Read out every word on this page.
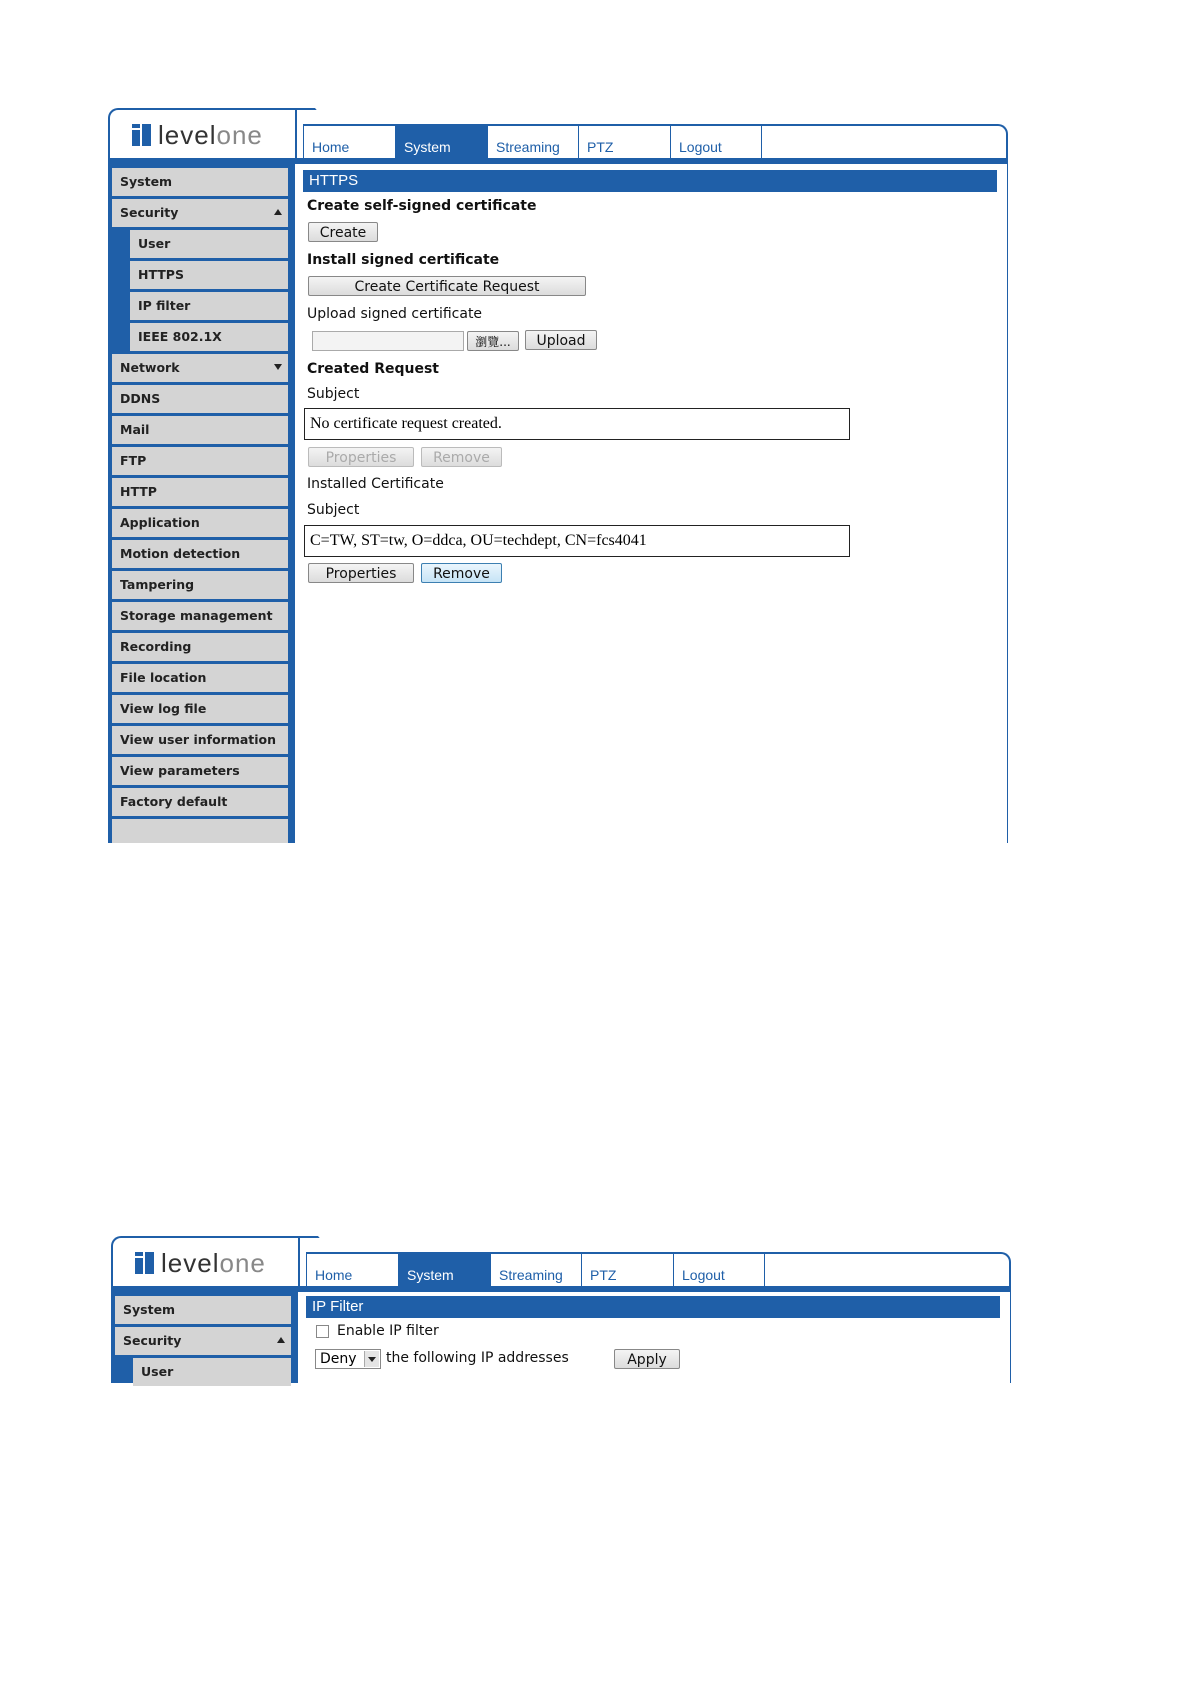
levelone	Home	System	Streaming	PTZ	Logout
System
Security
User
HTTPS
IP filter
IEEE 802.1X
Network
DDNS
Mail
FTP
HTTP
Application
Motion detection
Tampering
Storage management
Recording
File location
View log file
View user information
View parameters
Factory default
HTTPS
Create self-signed certificate
Create
Install signed certificate
Create Certificate Request
Upload signed certificate
瀏覽...	Upload
Created Request
Subject
No certificate request created.
Properties	Remove
Installed Certificate
Subject
C=TW, ST=tw, O=ddca, OU=techdept, CN=fcs4041
Properties	Remove
levelone	Home	System	Streaming	PTZ	Logout
System
Security
User
IP Filter
Enable IP filter
Deny	the following IP addresses	Apply
